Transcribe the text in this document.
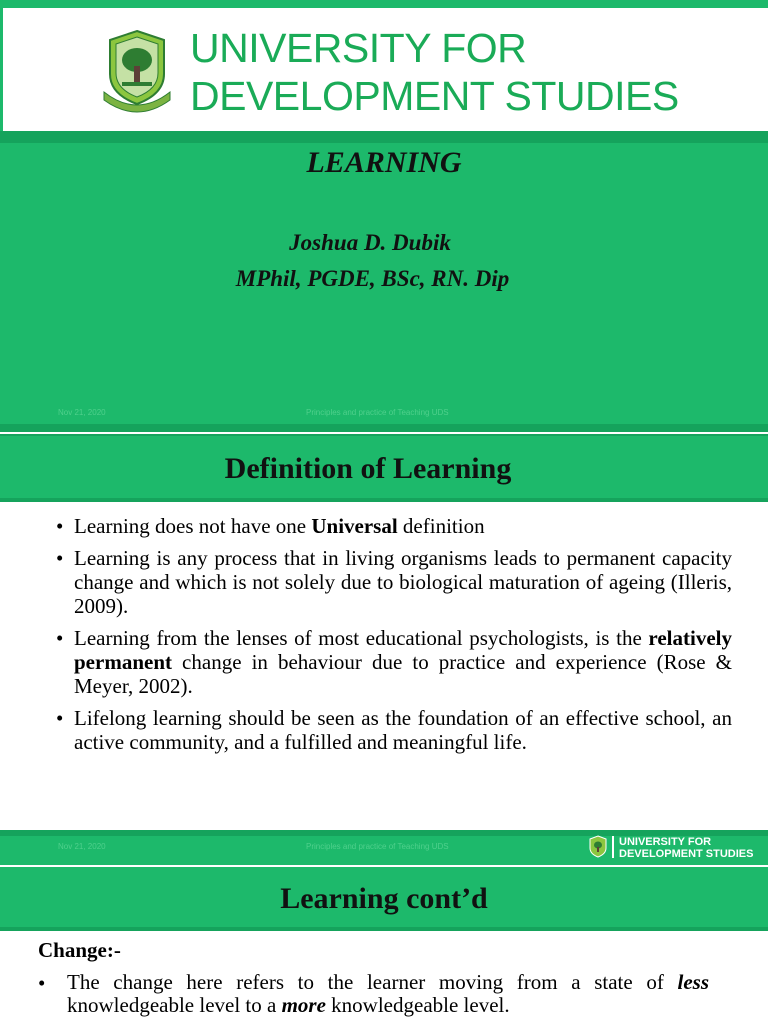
UNIVERSITY FOR
DEVELOPMENT STUDIES
LEARNING
Joshua D. Dubik
MPhil, PGDE, BSc, RN. Dip
Nov 21, 2020	Principles and practice of Teaching UDS
Definition of Learning
• Learning does not have one Universal definition
• Learning is any process that in living organisms leads to permanent capacity change and which is not solely due to biological maturation of ageing (Illeris, 2009).
• Learning from the lenses of most educational psychologists, is the relatively permanent change in behaviour due to practice and experience (Rose & Meyer, 2002).
• Lifelong learning should be seen as the foundation of an effective school, an active community, and a fulfilled and meaningful life.
Nov 21, 2020	Principles and practice of Teaching UDS	UNIVERSITY FOR
DEVELOPMENT STUDIES
Learning cont’d
Change:-
• The change here refers to the learner moving from a state of less knowledgeable level to a more knowledgeable level.
